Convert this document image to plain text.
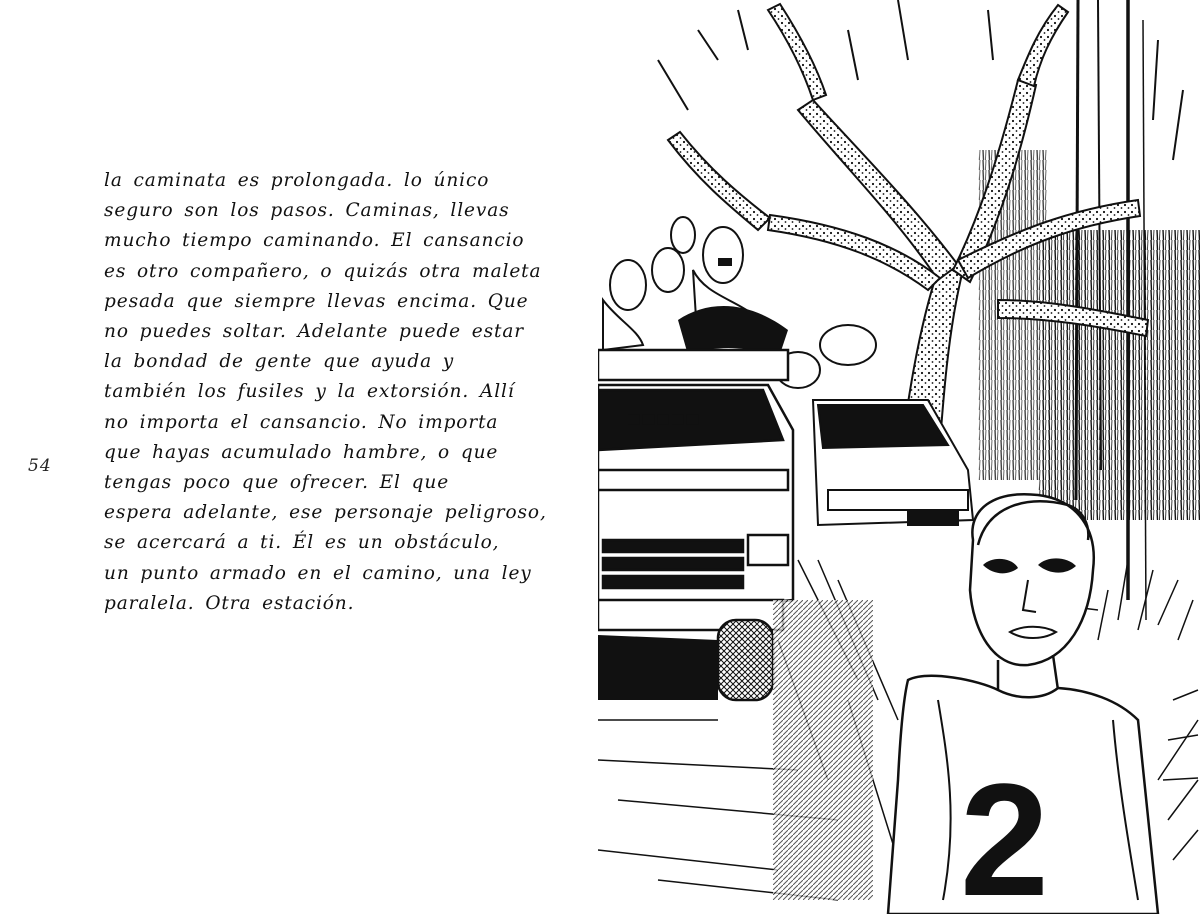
54
la caminata es prolongada. lo único
seguro son los pasos. Caminas, llevas
mucho tiempo caminando. El cansancio
es otro compañero, o quizás otra maleta
pesada que siempre llevas encima. Que
no puedes soltar. Adelante puede estar
la bondad de gente que ayuda y
también los fusiles y la extorsión. Allí
no importa el cansancio. No importa
que hayas acumulado hambre, o que
tengas poco que ofrecer. El que
espera adelante, ese personaje peligroso,
se acercará a ti. Él es un obstáculo,
un punto armado en el camino, una ley
paralela. Otra estación.
≡≡≡≡≡
2
